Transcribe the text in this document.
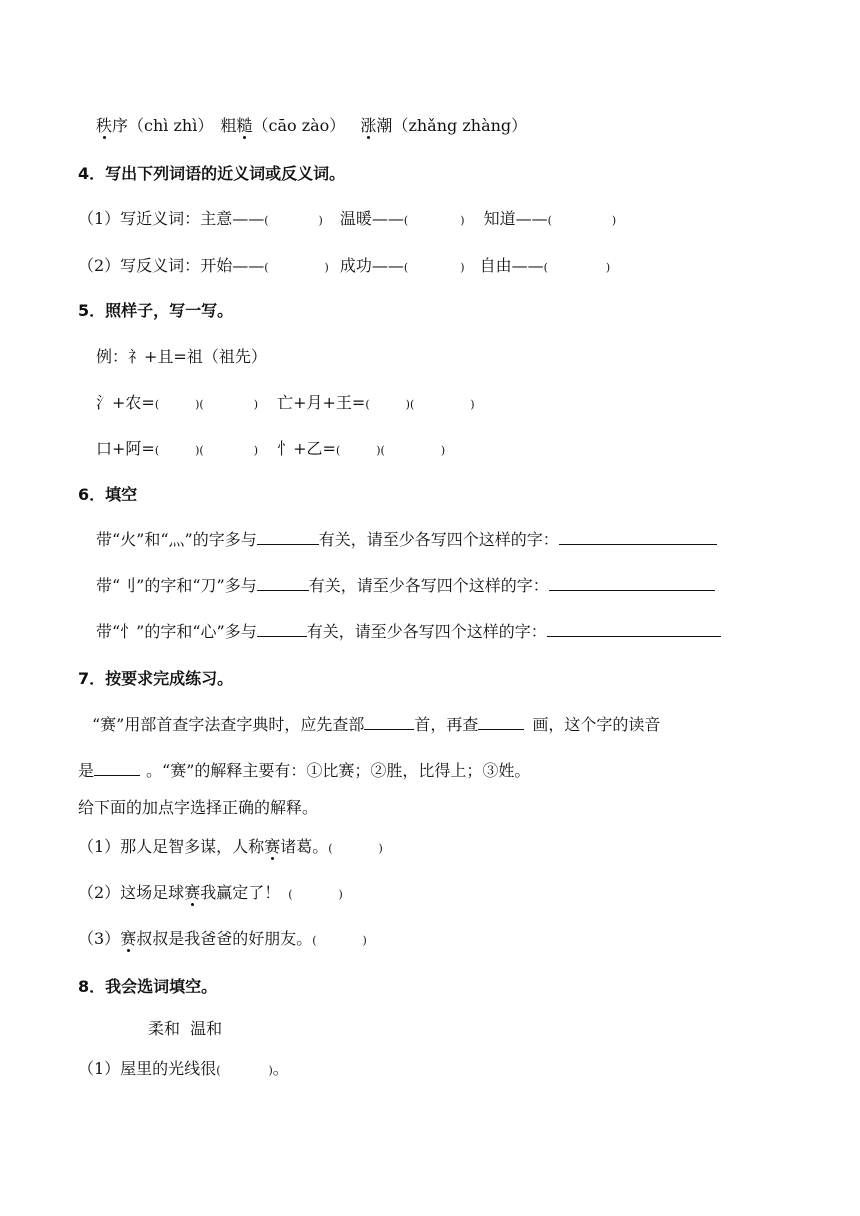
秩序（chì zhì） 粗糙（cāo zào） 涨潮（zhǎng zhàng）
4．写出下列词语的近义词或反义词。
（1）写近义词：主意——(	) 温暖——(	) 知道——(	)
（2）写反义词：开始——(	) 成功——(	) 自由——(	)
5．照样子，写一写。
例：礻+且=祖（祖先）
氵+农=(	)(	) 亡+月+王=(	)(	)
口+阿=(	)(	) 忄+乙=(	)(	)
6．填空
带“火”和“灬”的字多与	有关，请至少各写四个这样的字：
带“刂”的字和“刀”多与	有关，请至少各写四个这样的字：
带“忄”的字和“心”多与	有关，请至少各写四个这样的字：
7．按要求完成练习。
“赛”用部首查字法查字典时，应先查部	首，再查	画，这个字的读音
是	。“赛”的解释主要有：①比赛；②胜，比得上；③姓。
给下面的加点字选择正确的解释。
（1）那人足智多谋，人称赛诸葛。(	)
（2）这场足球赛我赢定了！ (	)
（3）赛叔叔是我爸爸的好朋友。(	)
8．我会选词填空。
柔和  温和
（1）屋里的光线很(	)。
